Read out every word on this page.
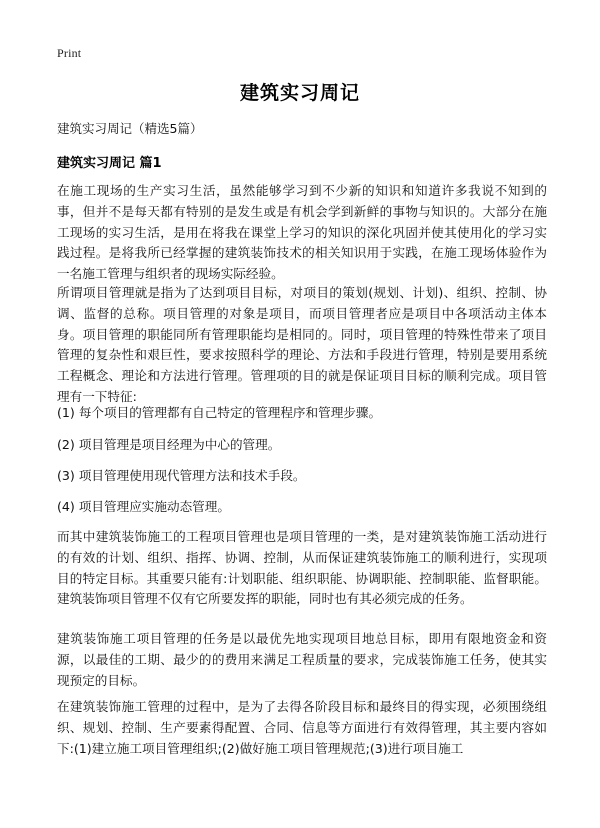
Print
建筑实习周记
建筑实习周记（精选5篇）
建筑实习周记 篇1

在施工现场的生产实习生活，虽然能够学习到不少新的知识和知道许多我说不知到的事，但并不是每天都有特别的是发生或是有机会学到新鲜的事物与知识的。大部分在施工现场的实习生活，是用在将我在课堂上学习的知识的深化巩固并使其使用化的学习实践过程。是将我所已经掌握的建筑装饰技术的相关知识用于实践，在施工现场体验作为一名施工管理与组织者的现场实际经验。

所谓项目管理就是指为了达到项目目标，对项目的策划(规划、计划)、组织、控制、协调、监督的总称。项目管理的对象是项目，而项目管理者应是项目中各项活动主体本身。项目管理的职能同所有管理职能均是相同的。同时，项目管理的特殊性带来了项目管理的复杂性和艰巨性，要求按照科学的理论、方法和手段进行管理，特别是要用系统工程概念、理论和方法进行管理。管理项的目的就是保证项目目标的顺利完成。项目管理有一下特征:

(1) 每个项目的管理都有自己特定的管理程序和管理步骤。

(2) 项目管理是项目经理为中心的管理。

(3) 项目管理使用现代管理方法和技术手段。

(4) 项目管理应实施动态管理。

而其中建筑装饰施工的工程项目管理也是项目管理的一类，是对建筑装饰施工活动进行的有效的计划、组织、指挥、协调、控制，从而保证建筑装饰施工的顺利进行，实现项目的特定目标。其重要只能有:计划职能、组织职能、协调职能、控制职能、监督职能。建筑装饰项目管理不仅有它所要发挥的职能，同时也有其必须完成的任务。

建筑装饰施工项目管理的任务是以最优先地实现项目地总目标，即用有限地资金和资源，以最佳的工期、最少的的费用来满足工程质量的要求，完成装饰施工任务，使其实现预定的目标。

在建筑装饰施工管理的过程中，是为了去得各阶段目标和最终目的得实现，必须围绕组织、规划、控制、生产要素得配置、合同、信息等方面进行有效得管理，其主要内容如下:(1)建立施工项目管理组织;(2)做好施工项目管理规范;(3)进行项目施工
